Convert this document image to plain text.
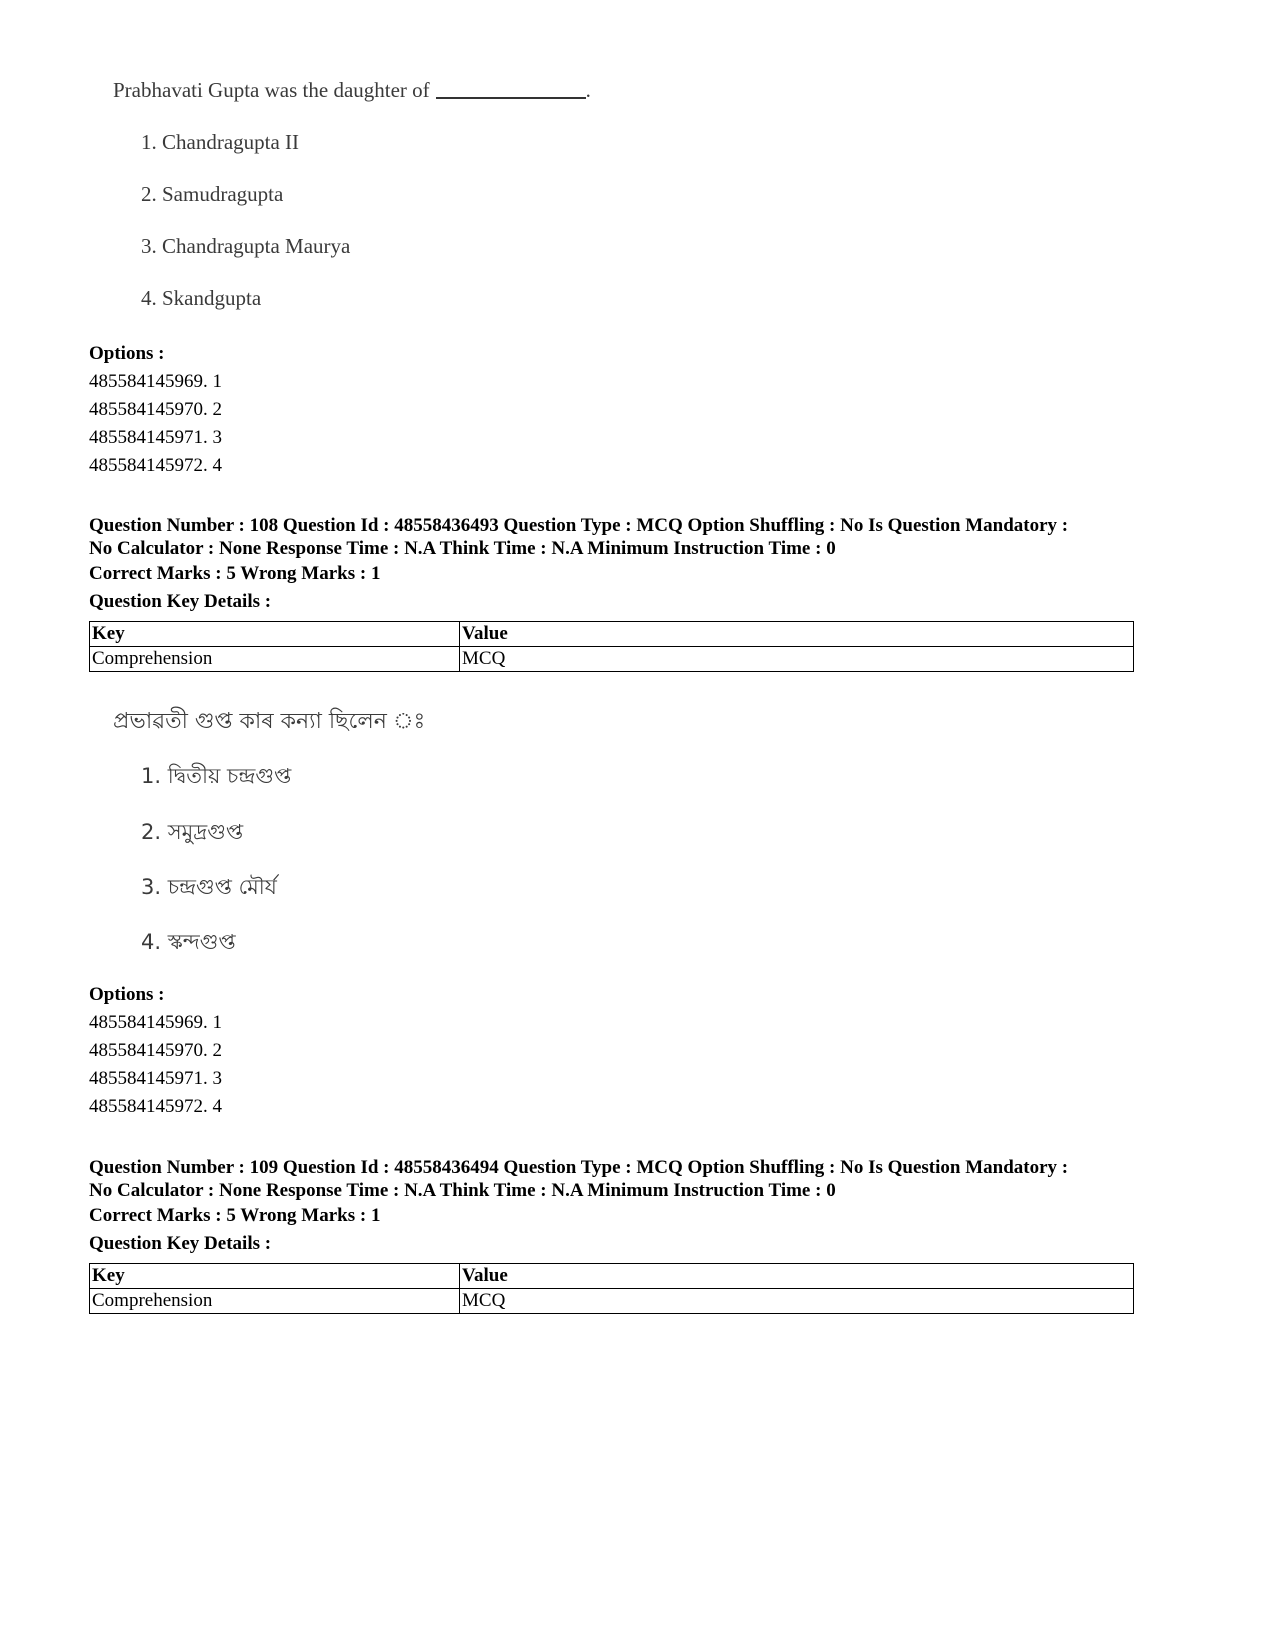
Prabhavati Gupta was the daughter of	.
1. Chandragupta II
2. Samudragupta
3. Chandragupta Maurya
4. Skandgupta
Options :
485584145969. 1
485584145970. 2
485584145971. 3
485584145972. 4
Question Number : 108 Question Id : 48558436493 Question Type : MCQ Option Shuffling : No Is Question Mandatory :
No Calculator : None Response Time : N.A Think Time : N.A Minimum Instruction Time : 0
Correct Marks : 5 Wrong Marks : 1
Question Key Details :
Key	Value
Comprehension	MCQ
প্ৰভাৱতী গুপ্ত কাৰ কন্যা ছিলেন ঃ
1. দ্বিতীয় চন্দ্ৰগুপ্ত
2. সমুদ্ৰগুপ্ত
3. চন্দ্ৰগুপ্ত মৌৰ্য
4. স্কন্দগুপ্ত
Options :
485584145969. 1
485584145970. 2
485584145971. 3
485584145972. 4
Question Number : 109 Question Id : 48558436494 Question Type : MCQ Option Shuffling : No Is Question Mandatory :
No Calculator : None Response Time : N.A Think Time : N.A Minimum Instruction Time : 0
Correct Marks : 5 Wrong Marks : 1
Question Key Details :
Key	Value
Comprehension	MCQ
